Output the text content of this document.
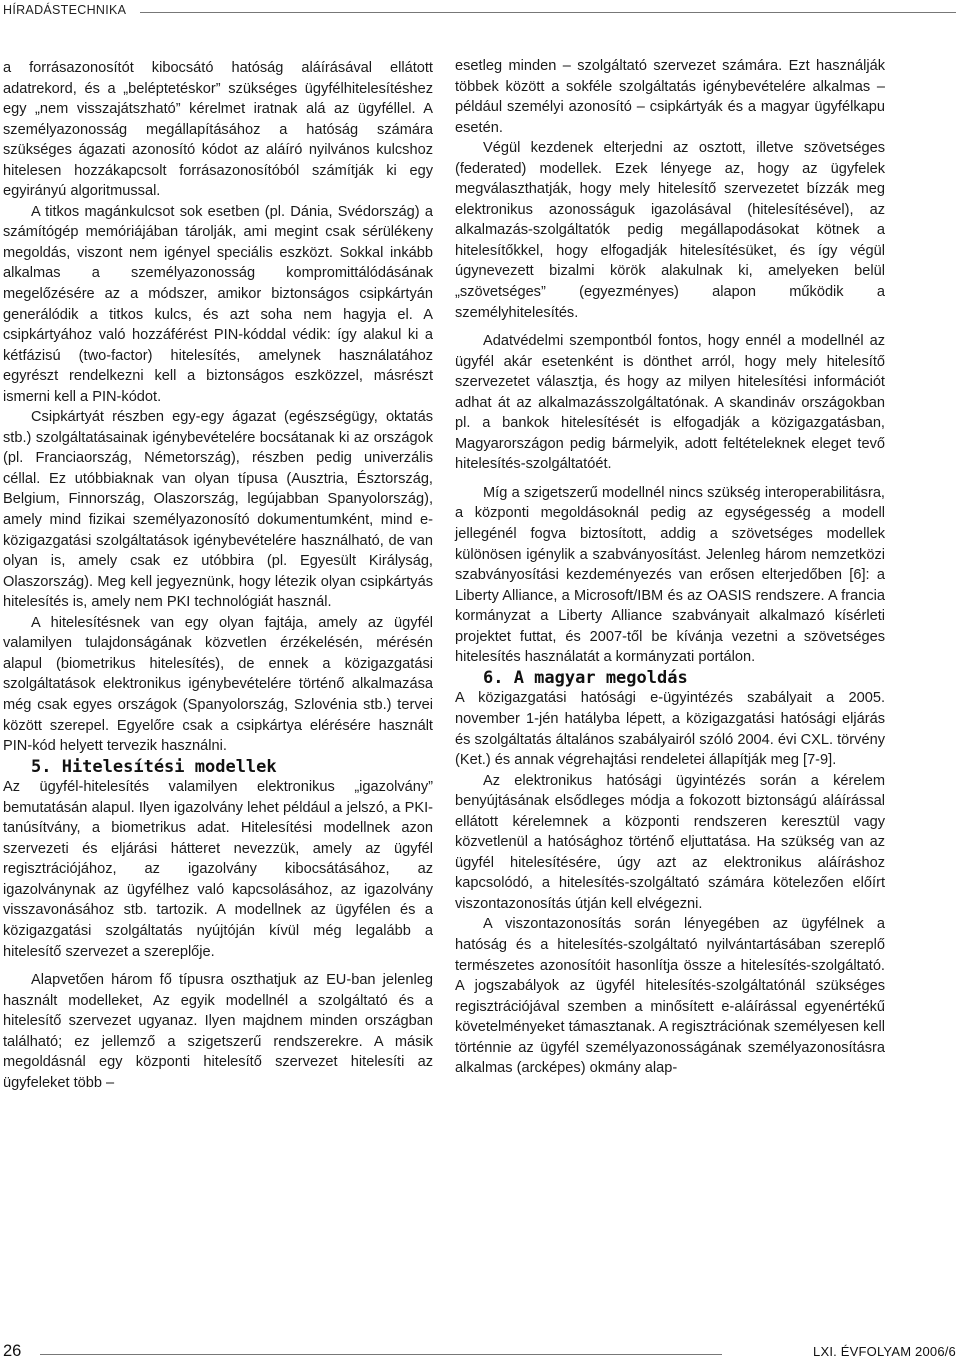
HÍRADÁSTECHNIKA

a forrásazonosítót kibocsátó hatóság aláírásával ellátott adatrekord, és a „beléptetéskor” szükséges ügyfélhitelesítéshez egy „nem visszajátszható” kérelmet iratnak alá az ügyféllel. A személyazonosság megállapításához a hatóság számára szükséges ágazati azonosító kódot az aláíró nyilvános kulcshoz hitelesen hozzákapcsolt forrásazonosítóból számítják ki egy egyirányú algoritmussal.

A titkos magánkulcsot sok esetben (pl. Dánia, Svédország) a számítógép memóriájában tárolják, ami megint csak sérülékeny megoldás, viszont nem igényel speciális eszközt. Sokkal inkább alkalmas a személyazonosság kompromittálódásának megelőzésére az a módszer, amikor biztonságos csipkártyán generálódik a titkos kulcs, és azt soha nem hagyja el. A csipkártyához való hozzáférést PIN-kóddal védik: így alakul ki a kétfázisú (two-factor) hitelesítés, amelynek használatához egyrészt rendelkezni kell a biztonságos eszközzel, másrészt ismerni kell a PIN-kódot.

Csipkártyát részben egy-egy ágazat (egészségügy, oktatás stb.) szolgáltatásainak igénybevételére bocsátanak ki az országok (pl. Franciaország, Németország), részben pedig univerzális céllal. Ez utóbbiaknak van olyan típusa (Ausztria, Észtország, Belgium, Finnország, Olaszország, legújabban Spanyolország), amely mind fizikai személyazonosító dokumentumként, mind e-közigazgatási szolgáltatások igénybevételére használható, de van olyan is, amely csak ez utóbbira (pl. Egyesült Királyság, Olaszország). Meg kell jegyeznünk, hogy létezik olyan csipkártyás hitelesítés is, amely nem PKI technológiát használ.

A hitelesítésnek van egy olyan fajtája, amely az ügyfél valamilyen tulajdonságának közvetlen érzékelésén, mérésén alapul (biometrikus hitelesítés), de ennek a közigazgatási szolgáltatások elektronikus igénybevételére történő alkalmazása még csak egyes országok (Spanyolország, Szlovénia stb.) tervei között szerepel. Egyelőre csak a csipkártya elérésére használt PIN-kód helyett tervezik használni.

5. Hitelesítési modellek

Az ügyfél-hitelesítés valamilyen elektronikus „igazolvány” bemutatásán alapul. Ilyen igazolvány lehet például a jelszó, a PKI-tanúsítvány, a biometrikus adat. Hitelesítési modellnek azon szervezeti és eljárási hátteret nevezzük, amely az ügyfél regisztrációjához, az igazolvány kibocsátásához, az igazolványnak az ügyfélhez való kapcsolásához, az igazolvány visszavonásához stb. tartozik. A modellnek az ügyfélen és a közigazgatási szolgáltatás nyújtóján kívül még legalább a hitelesítő szervezet a szereplője.

Alapvetően három fő típusra oszthatjuk az EU-ban jelenleg használt modelleket, Az egyik modellnél a szolgáltató és a hitelesítő szervezet ugyanaz. Ilyen majdnem minden országban található; ez jellemző a szigetszerű rendszerekre. A másik megoldásnál egy központi hitelesítő szervezet hitelesíti az ügyfeleket több –

esetleg minden – szolgáltató szervezet számára. Ezt használják többek között a sokféle szolgáltatás igénybevételére alkalmas – például személyi azonosító – csipkártyák és a magyar ügyfélkapu esetén.

Végül kezdenek elterjedni az osztott, illetve szövetséges (federated) modellek. Ezek lényege az, hogy az ügyfelek megválaszthatják, hogy mely hitelesítő szervezetet bízzák meg elektronikus azonosságuk igazolásával (hitelesítésével), az alkalmazás-szolgáltatók pedig megállapodásokat kötnek a hitelesítőkkel, hogy elfogadják hitelesítésüket, és így végül úgynevezett bizalmi körök alakulnak ki, amelyeken belül „szövetséges” (egyezményes) alapon működik a személyhitelesítés.

Adatvédelmi szempontból fontos, hogy ennél a modellnél az ügyfél akár esetenként is dönthet arról, hogy mely hitelesítő szervezetet választja, és hogy az milyen hitelesítési információt adhat át az alkalmazásszolgáltatónak. A skandináv országokban pl. a bankok hitelesítését is elfogadják a közigazgatásban, Magyarországon pedig bármelyik, adott feltételeknek eleget tevő hitelesítés-szolgáltatóét.

Míg a szigetszerű modellnél nincs szükség interoperabilitásra, a központi megoldásoknál pedig az egységesség a modell jellegénél fogva biztosított, addig a szövetséges modellek különösen igénylik a szabványosítást. Jelenleg három nemzetközi szabványosítási kezdeményezés van erősen elterjedőben [6]: a Liberty Alliance, a Microsoft/IBM és az OASIS rendszere. A francia kormányzat a Liberty Alliance szabványait alkalmazó kísérleti projektet futtat, és 2007-től be kívánja vezetni a szövetséges hitelesítés használatát a kormányzati portálon.

6. A magyar megoldás

A közigazgatási hatósági e-ügyintézés szabályait a 2005. november 1-jén hatályba lépett, a közigazgatási hatósági eljárás és szolgáltatás általános szabályairól szóló 2004. évi CXL. törvény (Ket.) és annak végrehajtási rendeletei állapítják meg [7-9].

Az elektronikus hatósági ügyintézés során a kérelem benyújtásának elsődleges módja a fokozott biztonságú aláírással ellátott kérelemnek a központi rendszeren keresztül vagy közvetlenül a hatósághoz történő eljuttatása. Ha szükség van az ügyfél hitelesítésére, úgy azt az elektronikus aláíráshoz kapcsolódó, a hitelesítés-szolgáltató számára kötelezően előírt viszontazonosítás útján kell elvégezni.

A viszontazonosítás során lényegében az ügyfélnek a hatóság és a hitelesítés-szolgáltató nyilvántartásában szereplő természetes azonosítóit hasonlítja össze a hitelesítés-szolgáltató. A jogszabályok az ügyfél hitelesítés-szolgáltatónál szükséges regisztrációjával szemben a minősített e-aláírással egyenértékű követelményeket támasztanak. A regisztrációnak személyesen kell történnie az ügyfél személyazonosságának személyazonosításra alkalmas (arcképes) okmány alap-

26	LXI. ÉVFOLYAM 2006/6
